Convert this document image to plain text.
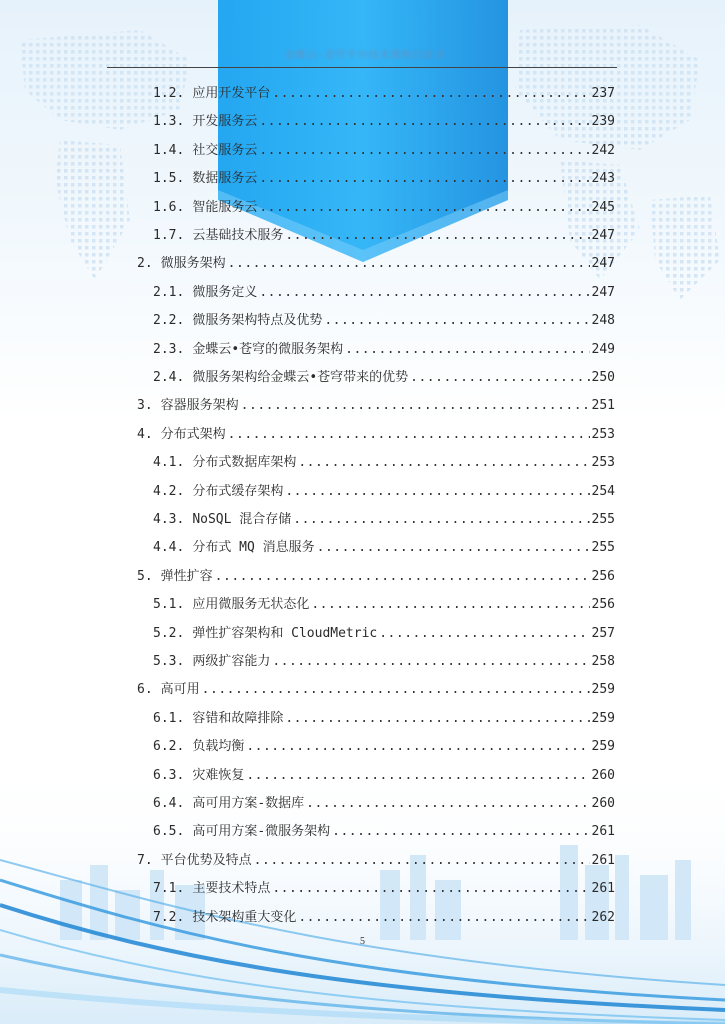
金蝶云·苍穹平台技术架构白皮书
1.2. 应用开发平台 .....	237
1.3. 开发服务云 .....	239
1.4. 社交服务云 .....	242
1.5. 数据服务云 .....	243
1.6. 智能服务云 .....	245
1.7. 云基础技术服务 .....	247
2. 微服务架构 .....	247
2.1. 微服务定义 .....	247
2.2. 微服务架构特点及优势 .....	248
2.3. 金蝶云•苍穹的微服务架构 .....	249
2.4. 微服务架构给金蝶云•苍穹带来的优势 .....	250
3. 容器服务架构 .....	251
4. 分布式架构 .....	253
4.1. 分布式数据库架构 .....	253
4.2. 分布式缓存架构 .....	254
4.3. NoSQL 混合存储 .....	255
4.4. 分布式 MQ 消息服务 .....	255
5. 弹性扩容 .....	256
5.1. 应用微服务无状态化 .....	256
5.2. 弹性扩容架构和 CloudMetric .....	257
5.3. 两级扩容能力 .....	258
6. 高可用 .....	259
6.1. 容错和故障排除 .....	259
6.2. 负载均衡 .....	259
6.3. 灾难恢复 .....	260
6.4. 高可用方案-数据库 .....	260
6.5. 高可用方案-微服务架构 .....	261
7. 平台优势及特点 .....	261
7.1. 主要技术特点 .....	261
7.2. 技术架构重大变化 .....	262
5
